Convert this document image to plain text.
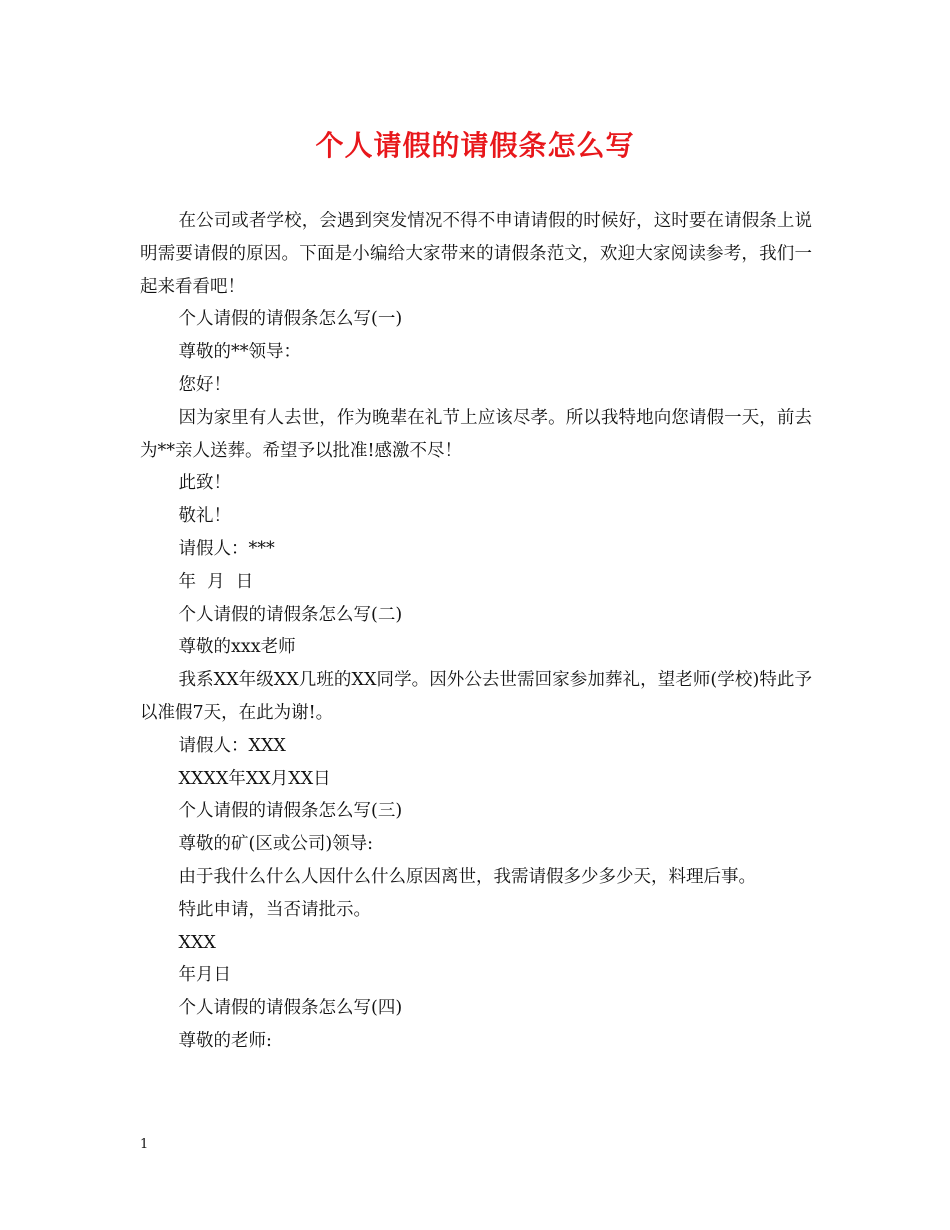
个人请假的请假条怎么写

在公司或者学校，会遇到突发情况不得不申请请假的时候好，这时要在请假条上说明需要请假的原因。下面是小编给大家带来的请假条范文，欢迎大家阅读参考，我们一起来看看吧！

个人请假的请假条怎么写(一)

尊敬的**领导：

您好！

因为家里有人去世，作为晚辈在礼节上应该尽孝。所以我特地向您请假一天，前去为**亲人送葬。希望予以批准!感激不尽！

此致！

敬礼！

请假人：***

年  月  日

个人请假的请假条怎么写(二)

尊敬的xxx老师

我系XX年级XX几班的XX同学。因外公去世需回家参加葬礼，望老师(学校)特此予以准假7天，在此为谢!。

请假人：XXX

XXXX年XX月XX日

个人请假的请假条怎么写(三)

尊敬的矿(区或公司)领导:

由于我什么什么人因什么什么原因离世，我需请假多少多少天，料理后事。

特此申请，当否请批示。

XXX

年月日

个人请假的请假条怎么写(四)

尊敬的老师:

1
